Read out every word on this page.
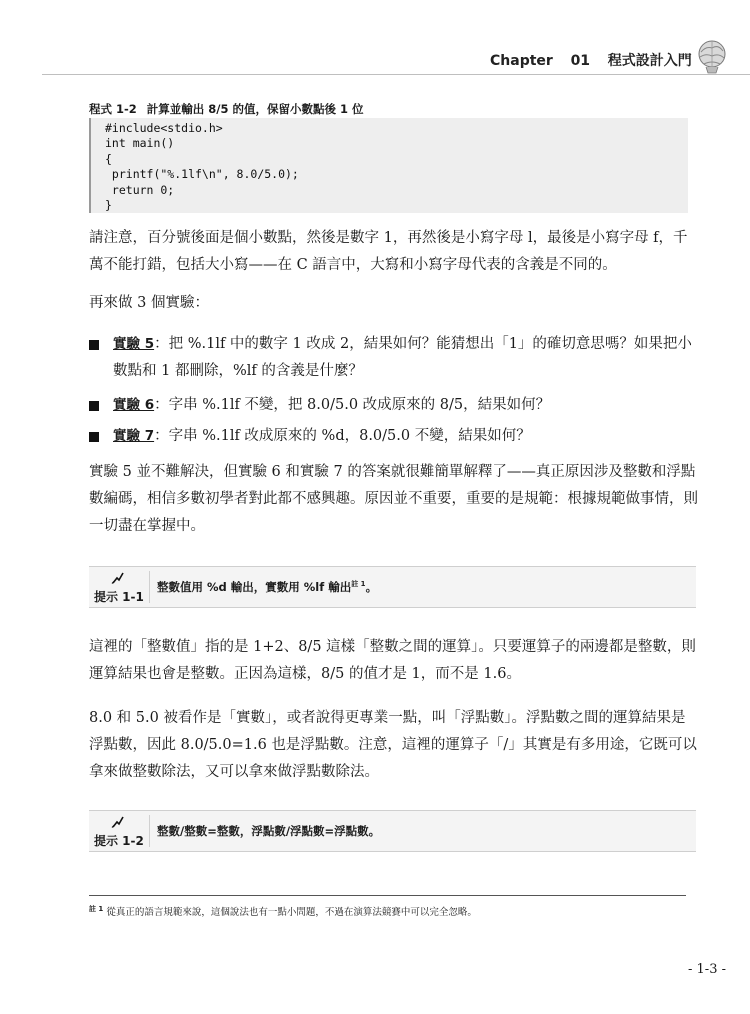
Chapter 01 程式設計入門
程式 1-2 計算並輸出 8/5 的值，保留小數點後 1 位
#include<stdio.h>
int main()
{
printf("%.1lf\n", 8.0/5.0);
return 0;
}

請注意，百分號後面是個小數點，然後是數字 1，再然後是小寫字母 l，最後是小寫字母 f，千萬不能打錯，包括大小寫——在 C 語言中，大寫和小寫字母代表的含義是不同的。

再來做 3 個實驗：

實驗 5：把 %.1lf 中的數字 1 改成 2，結果如何？能猜想出「1」的確切意思嗎？如果把小數點和 1 都刪除，%lf 的含義是什麼？
實驗 6：字串 %.1lf 不變，把 8.0/5.0 改成原來的 8/5，結果如何？
實驗 7：字串 %.1lf 改成原來的 %d，8.0/5.0 不變，結果如何？

實驗 5 並不難解決，但實驗 6 和實驗 7 的答案就很難簡單解釋了——真正原因涉及整數和浮點數編碼，相信多數初學者對此都不感興趣。原因並不重要，重要的是規範：根據規範做事情，則一切盡在掌握中。

提示 1-1
整數值用 %d 輸出，實數用 %lf 輸出$^{註 1}$。

這裡的「整數值」指的是 1+2、8/5 這樣「整數之間的運算」。只要運算子的兩邊都是整數，則運算結果也會是整數。正因為這樣，8/5 的值才是 1，而不是 1.6。

8.0 和 5.0 被看作是「實數」，或者說得更專業一點，叫「浮點數」。浮點數之間的運算結果是浮點數，因此 8.0/5.0=1.6 也是浮點數。注意，這裡的運算子「/」其實是有多用途，它既可以拿來做整數除法，又可以拿來做浮點數除法。

提示 1-2
整數/整數=整數，浮點數/浮點數=浮點數。
$^{註 1}$ 從真正的語言規範來說，這個說法也有一點小問題，不過在演算法競賽中可以完全忽略。
- 1-3 -
